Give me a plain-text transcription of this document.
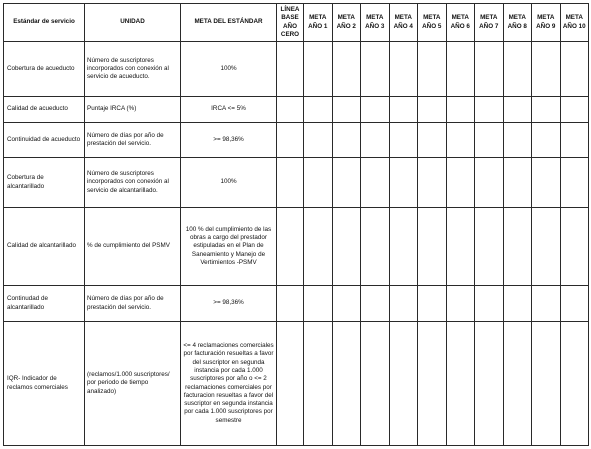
Estándar de servicio	UNIDAD	META DEL ESTÁNDAR	LÍNEA BASE AÑO CERO	META AÑO 1	META AÑO 2	META AÑO 3	META AÑO 4	META AÑO 5	META AÑO 6	META AÑO 7	META AÑO 8	META AÑO 9	META AÑO 10
Cobertura de acueducto	Número de suscriptores incorporados con conexión al servicio de acueducto.	100%											
Calidad de acueducto	Puntaje IRCA (%)	IRCA <= 5%											
Continuidad de acueducto	Número de días por año de prestación del servicio.	>= 98,36%											
Cobertura de alcantarillado	Número de suscriptores incorporados con conexión al servicio de alcantarillado.	100%											
Calidad de alcantarillado	% de cumplimiento del PSMV	100 % del cumplimiento de las obras a cargo del prestador estipuladas en el Plan de Saneamiento y Manejo de Vertimientos -PSMV											
Continudad de alcantarillado	Número de días por año de prestación del servicio.	>= 98,36%											
IQR- Indicador de reclamos comerciales	(reclamos/1.000 suscriptores/ por periodo de tiempo analizado)	<= 4 reclamaciones comerciales por facturación resueltas a favor del suscriptor en segunda instancia por cada 1.000 suscriptores por año o <= 2 reclamaciones comerciales por facturacion resueltas a favor del suscriptor en segunda instancia por cada 1.000 suscriptores por semestre											
